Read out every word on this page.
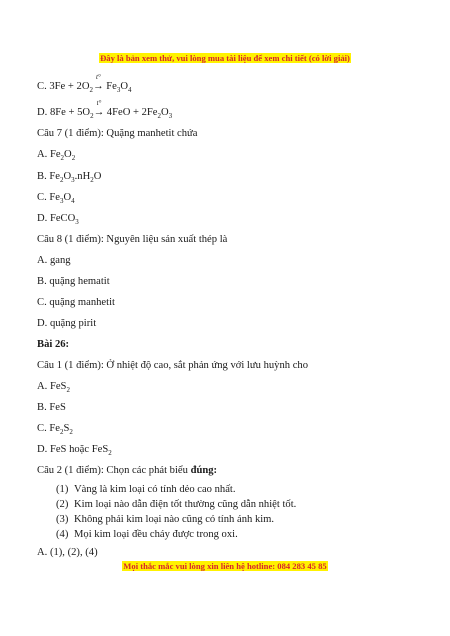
Đây là bản xem thử, vui lòng mua tài liệu để xem chi tiết (có lời giải)
C. $3Fe + 2O_2$
t°
→ $Fe_3O_4$
D. $8Fe + 5O_2$
t°
→ $4FeO + 2Fe_2O_3$
Câu 7 (1 điểm): Quặng manhetit chứa
A. $Fe_2O_2$
B. $Fe_2O_3.nH_2O$
C. $Fe_3O_4$
D. FeCO$_3$
Câu 8 (1 điểm): Nguyên liệu sản xuất thép là
A. gang
B. quặng hematit
C. quặng manhetit
D. quặng pirit
Bài 26:
Câu 1 (1 điểm): Ở nhiệt độ cao, sắt phản ứng với lưu huỳnh cho
A. FeS$_2$
B. FeS
C. $Fe_2S_2$
D. FeS hoặc FeS$_2$
Câu 2 (1 điểm): Chọn các phát biểu đúng:
(1) Vàng là kim loại có tính dẻo cao nhất.
(2) Kim loại nào dẫn điện tốt thường cũng dẫn nhiệt tốt.
(3) Không phải kim loại nào cũng có tính ánh kim.
(4) Mọi kim loại đều cháy được trong oxi.
A. (1), (2), (4)
Mọi thắc mắc vui lòng xin liên hệ hotline: 084 283 45 85
